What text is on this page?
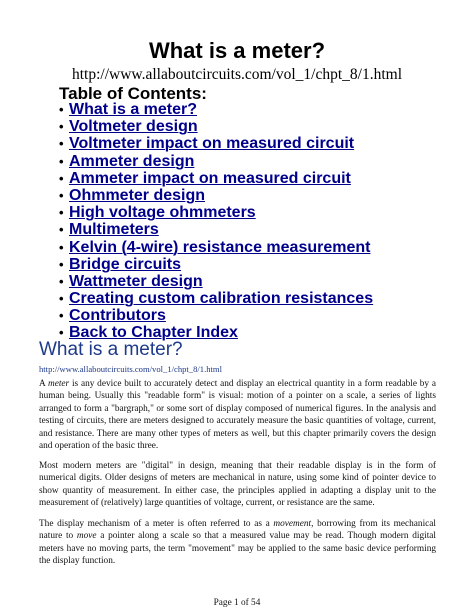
What is a meter?
http://www.allaboutcircuits.com/vol_1/chpt_8/1.html
Table of Contents:
• What is a meter?
• Voltmeter design
• Voltmeter impact on measured circuit
• Ammeter design
• Ammeter impact on measured circuit
• Ohmmeter design
• High voltage ohmmeters
• Multimeters
• Kelvin (4-wire) resistance measurement
• Bridge circuits
• Wattmeter design
• Creating custom calibration resistances
• Contributors
• Back to Chapter Index
What is a meter?
http://www.allaboutcircuits.com/vol_1/chpt_8/1.html

A meter is any device built to accurately detect and display an electrical quantity in a form readable by a human being. Usually this "readable form" is visual: motion of a pointer on a scale, a series of lights arranged to form a "bargraph," or some sort of display composed of numerical figures. In the analysis and testing of circuits, there are meters designed to accurately measure the basic quantities of voltage, current, and resistance. There are many other types of meters as well, but this chapter primarily covers the design and operation of the basic three.

Most modern meters are "digital" in design, meaning that their readable display is in the form of numerical digits. Older designs of meters are mechanical in nature, using some kind of pointer device to show quantity of measurement. In either case, the principles applied in adapting a display unit to the measurement of (relatively) large quantities of voltage, current, or resistance are the same.

The display mechanism of a meter is often referred to as a movement, borrowing from its mechanical nature to move a pointer along a scale so that a measured value may be read. Though modern digital meters have no moving parts, the term "movement" may be applied to the same basic device performing the display function.

Page 1 of 54
